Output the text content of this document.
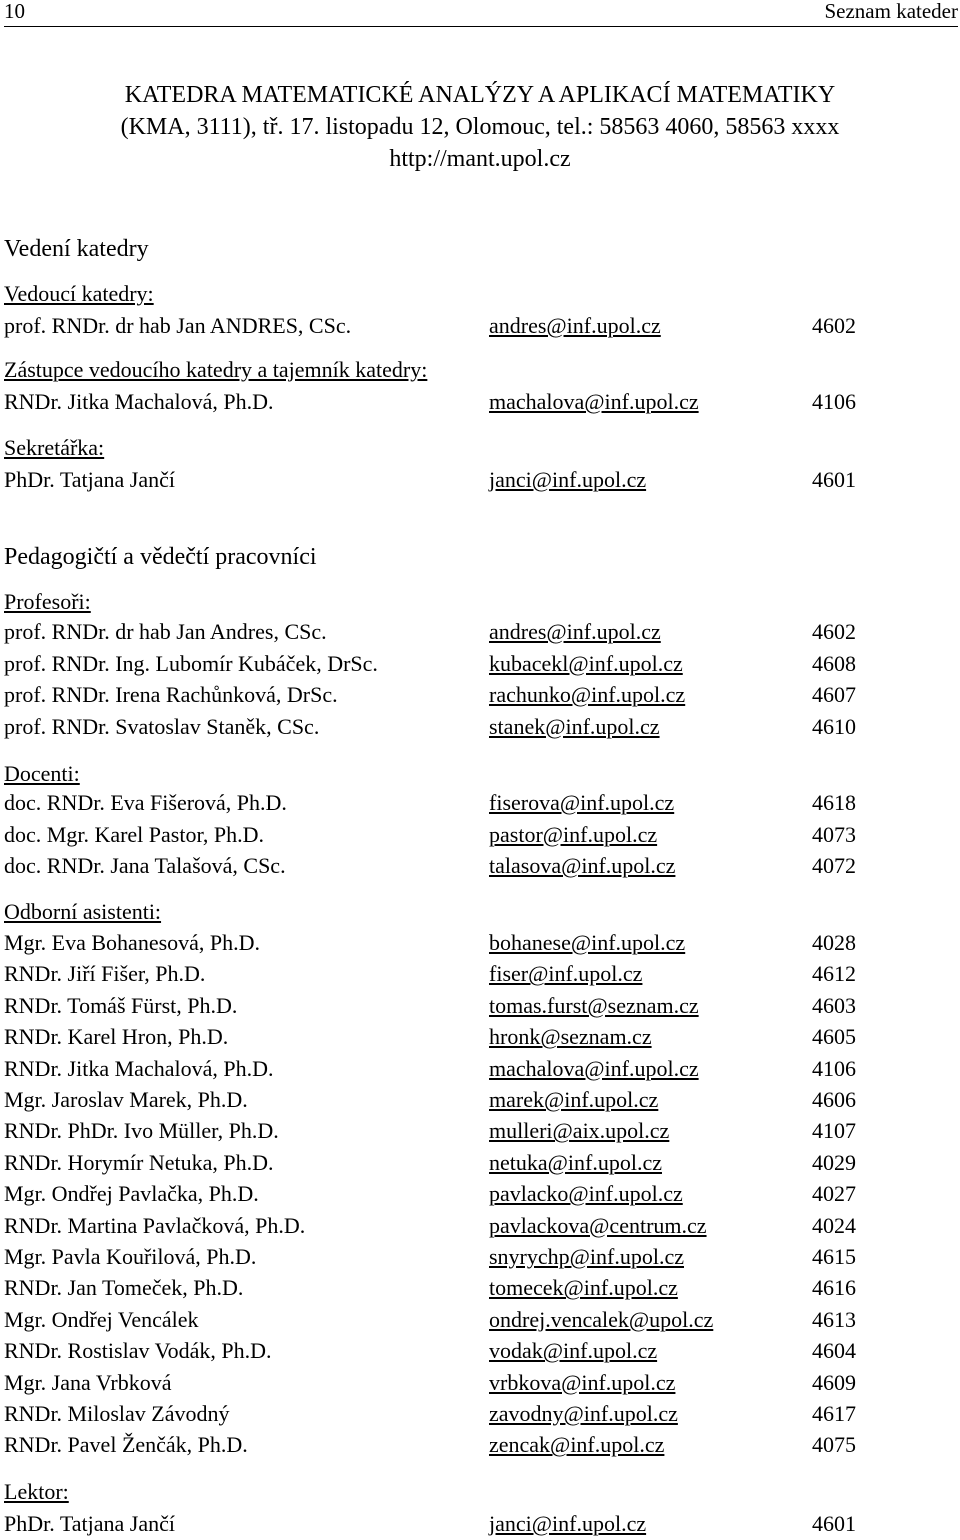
10	Seznam kateder
KATEDRA MATEMATICKÉ ANALÝZY A APLIKACÍ MATEMATIKY
(KMA, 3111), tř. 17. listopadu 12, Olomouc, tel.: 58563 4060, 58563 xxxx
http://mant.upol.cz
Vedení katedry
Vedoucí katedry:
prof. RNDr. dr hab Jan ANDRES, CSc.	andres@inf.upol.cz	4602
Zástupce vedoucího katedry a tajemník katedry:
RNDr. Jitka Machalová, Ph.D.	machalova@inf.upol.cz	4106
Sekretářka:
PhDr. Tatjana Jančí	janci@inf.upol.cz	4601
Pedagogičtí a vědečtí pracovníci
Profesoři:
prof. RNDr. dr hab Jan Andres, CSc.	andres@inf.upol.cz	4602
prof. RNDr. Ing. Lubomír Kubáček, DrSc.	kubacekl@inf.upol.cz	4608
prof. RNDr. Irena Rachůnková, DrSc.	rachunko@inf.upol.cz	4607
prof. RNDr. Svatoslav Staněk, CSc.	stanek@inf.upol.cz	4610
Docenti:
doc. RNDr. Eva Fišerová, Ph.D.	fiserova@inf.upol.cz	4618
doc. Mgr. Karel Pastor, Ph.D.	pastor@inf.upol.cz	4073
doc. RNDr. Jana Talašová, CSc.	talasova@inf.upol.cz	4072
Odborní asistenti:
Mgr. Eva Bohanesová, Ph.D.	bohanese@inf.upol.cz	4028
RNDr. Jiří Fišer, Ph.D.	fiser@inf.upol.cz	4612
RNDr. Tomáš Fürst, Ph.D.	tomas.furst@seznam.cz	4603
RNDr. Karel Hron, Ph.D.	hronk@seznam.cz	4605
RNDr. Jitka Machalová, Ph.D.	machalova@inf.upol.cz	4106
Mgr. Jaroslav Marek, Ph.D.	marek@inf.upol.cz	4606
RNDr. PhDr. Ivo Müller, Ph.D.	mulleri@aix.upol.cz	4107
RNDr. Horymír Netuka, Ph.D.	netuka@inf.upol.cz	4029
Mgr. Ondřej Pavlačka, Ph.D.	pavlacko@inf.upol.cz	4027
RNDr. Martina Pavlačková, Ph.D.	pavlackova@centrum.cz	4024
Mgr. Pavla Kouřilová, Ph.D.	snyrychp@inf.upol.cz	4615
RNDr. Jan Tomeček, Ph.D.	tomecek@inf.upol.cz	4616
Mgr. Ondřej Vencálek	ondrej.vencalek@upol.cz	4613
RNDr. Rostislav Vodák, Ph.D.	vodak@inf.upol.cz	4604
Mgr. Jana Vrbková	vrbkova@inf.upol.cz	4609
RNDr. Miloslav Závodný	zavodny@inf.upol.cz	4617
RNDr. Pavel Ženčák, Ph.D.	zencak@inf.upol.cz	4075
Lektor:
PhDr. Tatjana Jančí	janci@inf.upol.cz	4601
